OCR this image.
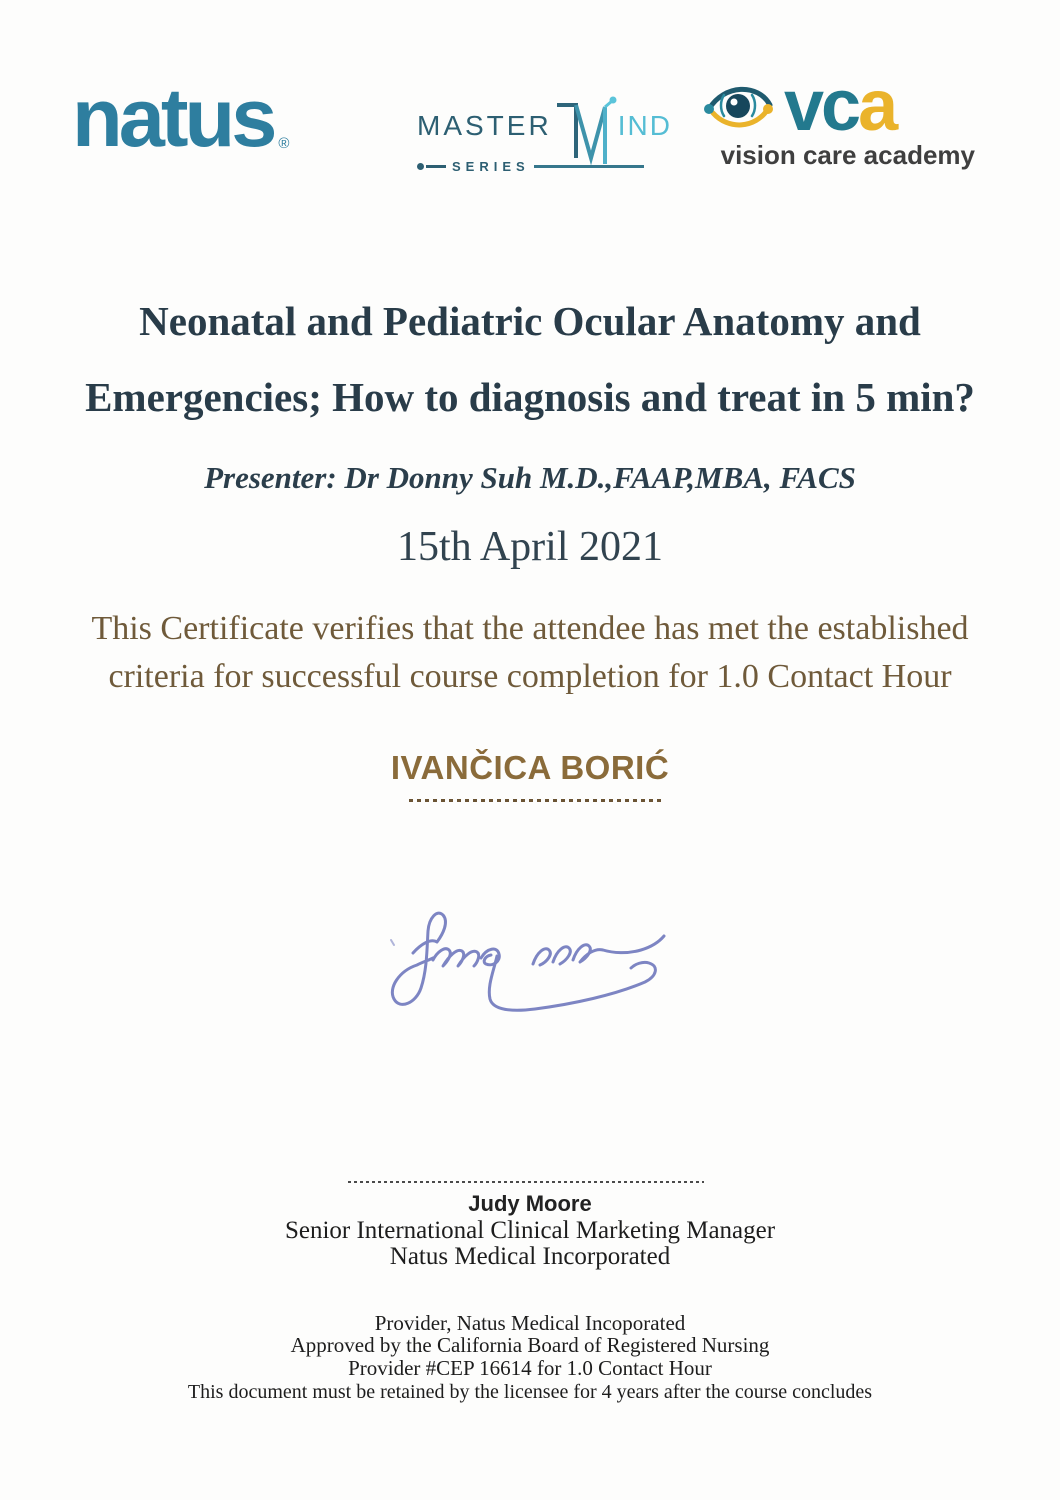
natus ®
MASTER IND
SERIES
vca
vision care academy
Neonatal and Pediatric Ocular Anatomy and
Emergencies; How to diagnosis and treat in 5 min?
Presenter: Dr Donny Suh M.D.,FAAP,MBA, FACS
15th April 2021
This Certificate verifies that the attendee has met the established
criteria for successful course completion for 1.0 Contact Hour
IVANČICA BORIĆ
Judy Moore
Senior International Clinical Marketing Manager
Natus Medical Incorporated
Provider, Natus Medical Incoporated
Approved by the California Board of Registered Nursing
Provider #CEP 16614 for 1.0 Contact Hour
This document must be retained by the licensee for 4 years after the course concludes
